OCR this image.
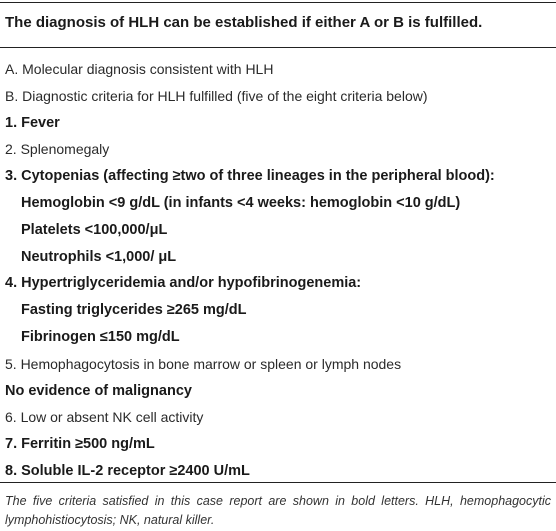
The diagnosis of HLH can be established if either A or B is fulfilled.
A. Molecular diagnosis consistent with HLH
B. Diagnostic criteria for HLH fulfilled (five of the eight criteria below)
1. Fever
2. Splenomegaly
3. Cytopenias (affecting ≥two of three lineages in the peripheral blood):
Hemoglobin <9 g/dL (in infants <4 weeks: hemoglobin <10 g/dL)
Platelets <100,000/μL
Neutrophils <1,000/ μL
4. Hypertriglyceridemia and/or hypofibrinogenemia:
Fasting triglycerides ≥265 mg/dL
Fibrinogen ≤150 mg/dL
5. Hemophagocytosis in bone marrow or spleen or lymph nodes
No evidence of malignancy
6. Low or absent NK cell activity
7. Ferritin ≥500 ng/mL
8. Soluble IL-2 receptor ≥2400 U/mL
The five criteria satisfied in this case report are shown in bold letters. HLH, hemophagocytic lymphohistiocytosis; NK, natural killer.
